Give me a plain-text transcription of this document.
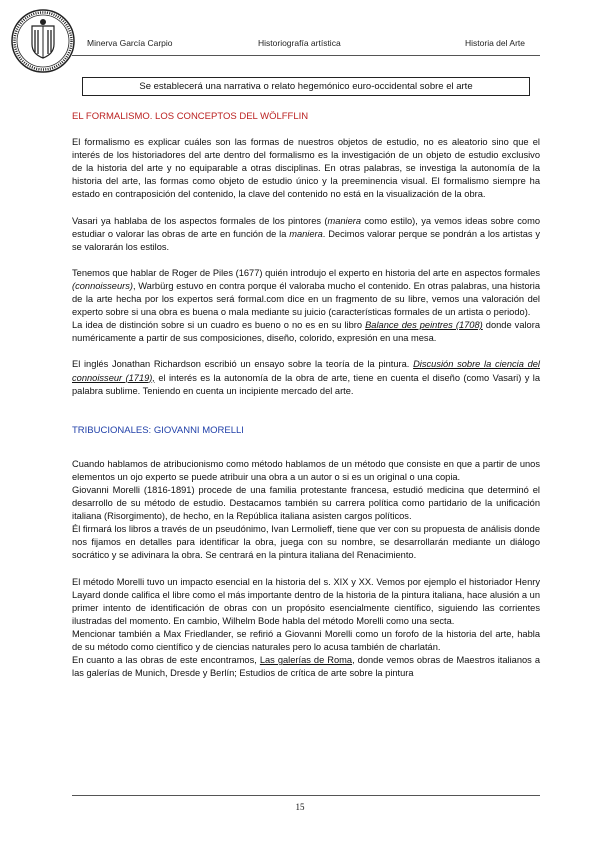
Minerva García Carpio	Historiografía artística	Historia del Arte
Se establecerá una narrativa o relato hegemónico euro-occidental sobre el arte
EL FORMALISMO. LOS CONCEPTOS DEL WÖLFFLIN

El formalismo es explicar cuáles son las formas de nuestros objetos de estudio, no es aleatorio sino que el interés de los historiadores del arte dentro del formalismo es la investigación de un objeto de estudio exclusivo de la historia del arte y no equiparable a otras disciplinas. En otras palabras, se investiga la autonomía de la historia del arte, las formas como objeto de estudio único y la preeminencia visual. El formalismo siempre ha estado en contraposición del contenido, la clave del contenido no está en la visualización de la obra.

Vasari ya hablaba de los aspectos formales de los pintores (maniera como estilo), ya vemos ideas sobre como estudiar o valorar las obras de arte en función de la maniera. Decimos valorar perque se pondrán a los artistas y se valorarán los estilos.

Tenemos que hablar de Roger de Piles (1677) quién introdujo el experto en historia del arte en aspectos formales (connoisseurs), Warbürg estuvo en contra porque él valoraba mucho el contenido. En otras palabras, una historia de la arte hecha por los expertos será formal.com dice en un fragmento de su libre, vemos una valoración del experto sobre si una obra es buena o mala mediante su juicio (características formales de un artista o periodo).

La idea de distinción sobre si un cuadro es bueno o no es en su libro Balance des peintres (1708) donde valora numéricamente a partir de sus composiciones, diseño, colorido, expresión en una mesa.

El inglés Jonathan Richardson escribió un ensayo sobre la teoría de la pintura. Discusión sobre la ciencia del connoisseur (1719), el interés es la autonomía de la obra de arte, tiene en cuenta el diseño (como Vasari) y la palabra sublime. Teniendo en cuenta un incipiente mercado del arte.

TRIBUCIONALES: GIOVANNI MORELLI

Cuando hablamos de atribucionismo como método hablamos de un método que consiste en que a partir de unos elementos un ojo experto se puede atribuir una obra a un autor o si es un original o una copia.

Giovanni Morelli (1816-1891) procede de una familia protestante francesa, estudió medicina que determinó el desarrollo de su método de estudio. Destacamos también su carrera política como partidario de la unificación italiana (Risorgimento), de hecho, en la República italiana asisten cargos políticos.

Él firmará los libros a través de un pseudónimo, Ivan Lermolieff, tiene que ver con su propuesta de análisis donde nos fijamos en detalles para identificar la obra, juega con su nombre, se desarrollarán mediante un diálogo socrático y se adivinara la obra. Se centrará en la pintura italiana del Renacimiento.

El método Morelli tuvo un impacto esencial en la historia del s. XIX y XX. Vemos por ejemplo el historiador Henry Layard donde califica el libre como el más importante dentro de la historia de la pintura italiana, hace alusión a un primer intento de identificación de obras con un propósito esencialmente científico, siguiendo las corrientes ilustradas del momento. En cambio, Wilhelm Bode habla del método Morelli como una secta.

Mencionar también a Max Friedlander, se refirió a Giovanni Morelli como un forofo de la historia del arte, habla de su método como científico y de ciencias naturales pero lo acusa también de charlatán.

En cuanto a las obras de este encontramos, Las galerías de Roma, donde vemos obras de Maestros italianos a las galerías de Munich, Dresde y Berlín; Estudios de crítica de arte sobre la pintura

15
